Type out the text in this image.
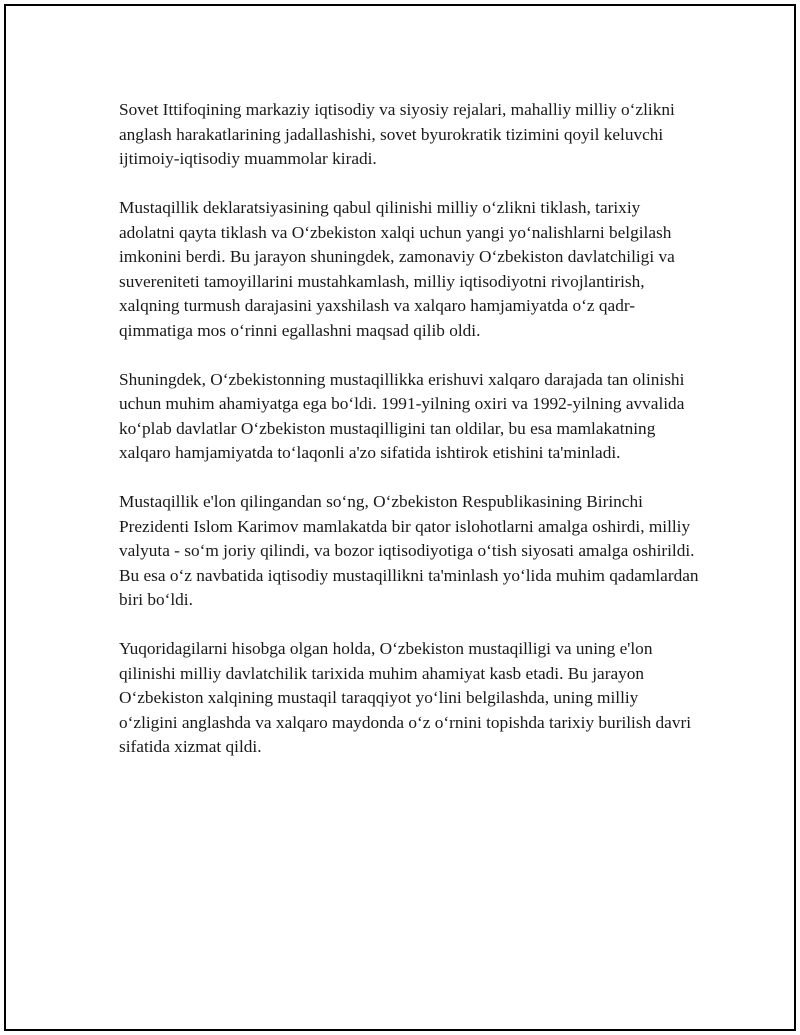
Sovet Ittifoqining markaziy iqtisodiy va siyosiy rejalari, mahalliy milliy o‘zlikni anglash harakatlarining jadallashishi, sovet byurokratik tizimini qoyil keluvchi ijtimoiy-iqtisodiy muammolar kiradi.

Mustaqillik deklaratsiyasining qabul qilinishi milliy o‘zlikni tiklash, tarixiy adolatni qayta tiklash va O‘zbekiston xalqi uchun yangi yo‘nalishlarni belgilash imkonini berdi. Bu jarayon shuningdek, zamonaviy O‘zbekiston davlatchiligi va suvereniteti tamoyillarini mustahkamlash, milliy iqtisodiyotni rivojlantirish, xalqning turmush darajasini yaxshilash va xalqaro hamjamiyatda o‘z qadr-qimmatiga mos o‘rinni egallashni maqsad qilib oldi.

Shuningdek, O‘zbekistonning mustaqillikka erishuvi xalqaro darajada tan olinishi uchun muhim ahamiyatga ega bo‘ldi. 1991-yilning oxiri va 1992-yilning avvalida ko‘plab davlatlar O‘zbekiston mustaqilligini tan oldilar, bu esa mamlakatning xalqaro hamjamiyatda to‘laqonli a'zo sifatida ishtirok etishini ta'minladi.

Mustaqillik e'lon qilingandan so‘ng, O‘zbekiston Respublikasining Birinchi Prezidenti Islom Karimov mamlakatda bir qator islohotlarni amalga oshirdi, milliy valyuta - so‘m joriy qilindi, va bozor iqtisodiyotiga o‘tish siyosati amalga oshirildi. Bu esa o‘z navbatida iqtisodiy mustaqillikni ta'minlash yo‘lida muhim qadamlardan biri bo‘ldi.

Yuqoridagilarni hisobga olgan holda, O‘zbekiston mustaqilligi va uning e'lon qilinishi milliy davlatchilik tarixida muhim ahamiyat kasb etadi. Bu jarayon O‘zbekiston xalqining mustaqil taraqqiyot yo‘lini belgilashda, uning milliy o‘zligini anglashda va xalqaro maydonda o‘z o‘rnini topishda tarixiy burilish davri sifatida xizmat qildi.
